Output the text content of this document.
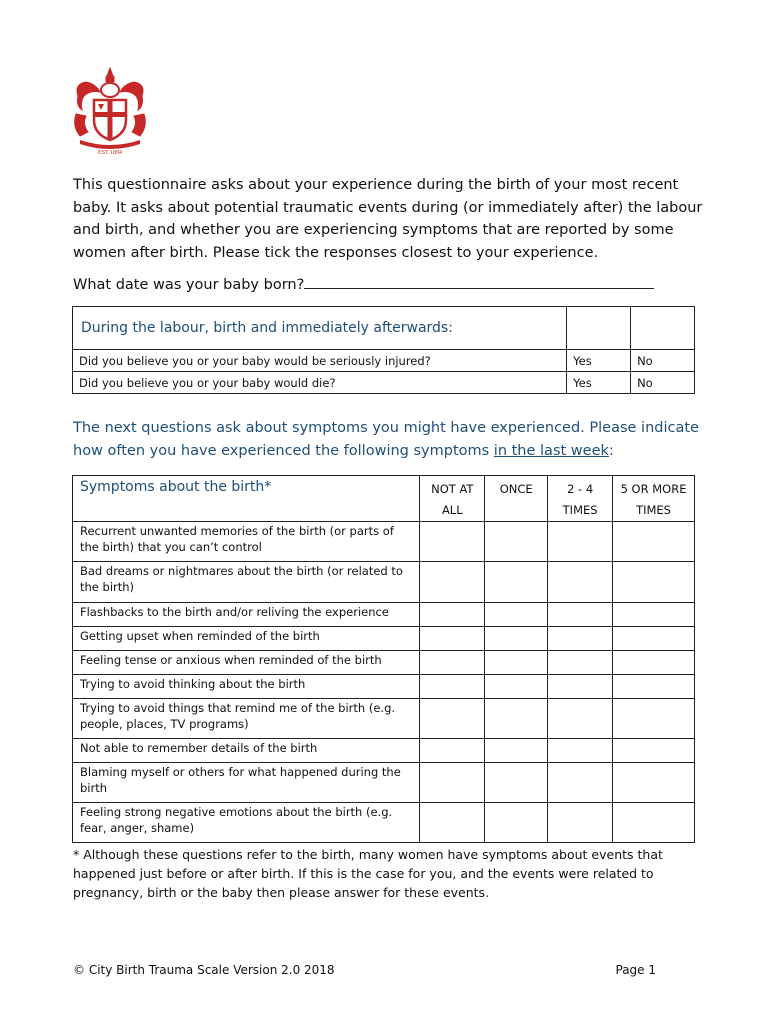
EST 1894

This questionnaire asks about your experience during the birth of your most recent baby. It asks about potential traumatic events during (or immediately after) the labour and birth, and whether you are experiencing symptoms that are reported by some women after birth. Please tick the responses closest to your experience.

What date was your baby born?

During the labour, birth and immediately afterwards:		
Did you believe you or your baby would be seriously injured?	Yes	No
Did you believe you or your baby would die?	Yes	No

The next questions ask about symptoms you might have experienced. Please indicate how often you have experienced the following symptoms in the last week:

Symptoms about the birth*	NOT AT ALL	ONCE	2 - 4 TIMES	5 OR MORE TIMES
Recurrent unwanted memories of the birth (or parts of the birth) that you can’t control				
Bad dreams or nightmares about the birth (or related to the birth)				
Flashbacks to the birth and/or reliving the experience				
Getting upset when reminded of the birth				
Feeling tense or anxious when reminded of the birth				
Trying to avoid thinking about the birth				
Trying to avoid things that remind me of the birth (e.g. people, places, TV programs)				
Not able to remember details of the birth				
Blaming myself or others for what happened during the birth				
Feeling strong negative emotions about the birth (e.g. fear, anger, shame)				

* Although these questions refer to the birth, many women have symptoms about events that happened just before or after birth. If this is the case for you, and the events were related to pregnancy, birth or the baby then please answer for these events.

© City Birth Trauma Scale Version 2.0 2018	Page 1
